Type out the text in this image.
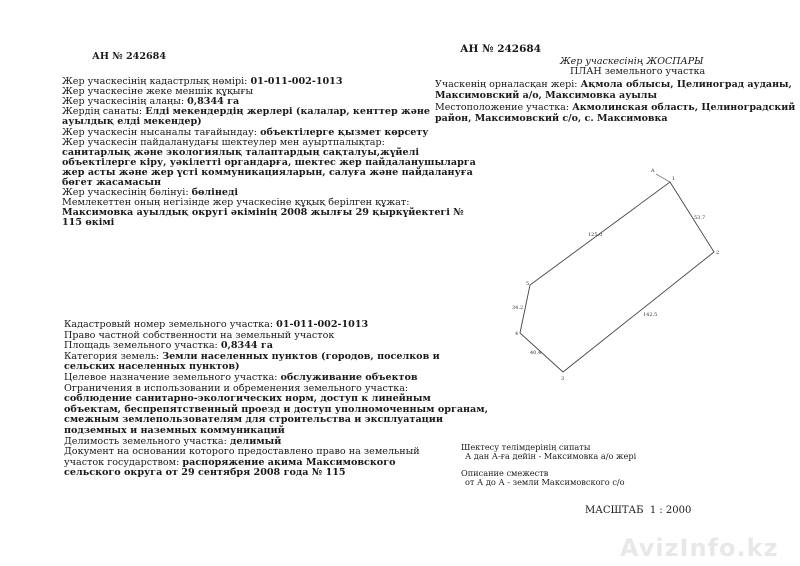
АН № 242684
Жер учаскесінің кадастрлық нөмірі: 01-011-002-1013
Жер учаскесіне жеке меншік құқығы
Жер учаскесінің алаңы: 0,8344 га
Жердің санаты: Елді мекендердің жерлері (калалар, кенттер және
ауылдық елді мекендер)
Жер учаскесін нысаналы тағайындау: объектілерге қызмет көрсету
Жер учаскесін пайдаланудағы шектеулер мен ауыртпалықтар:
санитарлық және экологиялық талаптардың сақталуы,жүйелі
объектілерге кіру, уәкілетті органдарға, шектес жер пайдаланушыларга
жер асты және жер үсті коммуникацияларын, салуға және пайдалануға
бөгет жасамасын
Жер учаскесінің бөлінуі: бөлінеді
Мемлекеттен оның негізінде жер учаскесіне құқық берілген құжат:
Максимовка ауылдық округі әкімінің 2008 жылғы 29 қыркүйектегі №
115 өкімі
Кадастровый номер земельного участка: 01-011-002-1013
Право частной собственности на земельный участок
Площадь земельного участка: 0,8344 га
Категория земель: Земли населенных пунктов (городов, поселков и
сельских населенных пунктов)
Целевое назначение земельного участка: обслуживание объектов
Ограничения в использовании и обременения земельного участка:
соблюдение санитарно-экологических норм, доступ к линейным
объектам, беспрепятственный проезд и доступ уполномоченным органам,
смежным землепользователям для строительства и эксплуатации
подземных и наземных коммуникаций
Делимость земельного участка: делимый
Документ на основании которого предоставлено право на земельный
участок государством: распоряжение акима Максимовского
сельского округа от 29 сентября 2008 года № 115
АН № 242684
Жер учаскесінің ЖОСПАРЫ
ПЛАН земельного участка
Учаскенің орналасқан жері: Ақмола облысы, Целиноград ауданы,
Максимовский а/о, Максимовка ауылы
Местоположение участка: Акмолинская область, Целиноградский
район, Максимовский с/о, с. Максимовка
A
1
2
3
4
5
125.0
53.7
142.5
40.4
34.2
Шектесу телімдерінің сипаты
А дан А-ға дейін - Максимовка а/о жері
Описание смежеств
от А до А - земли Максимовского с/о
МАСШТАБ 1 : 2000
AvizInfo.kz
